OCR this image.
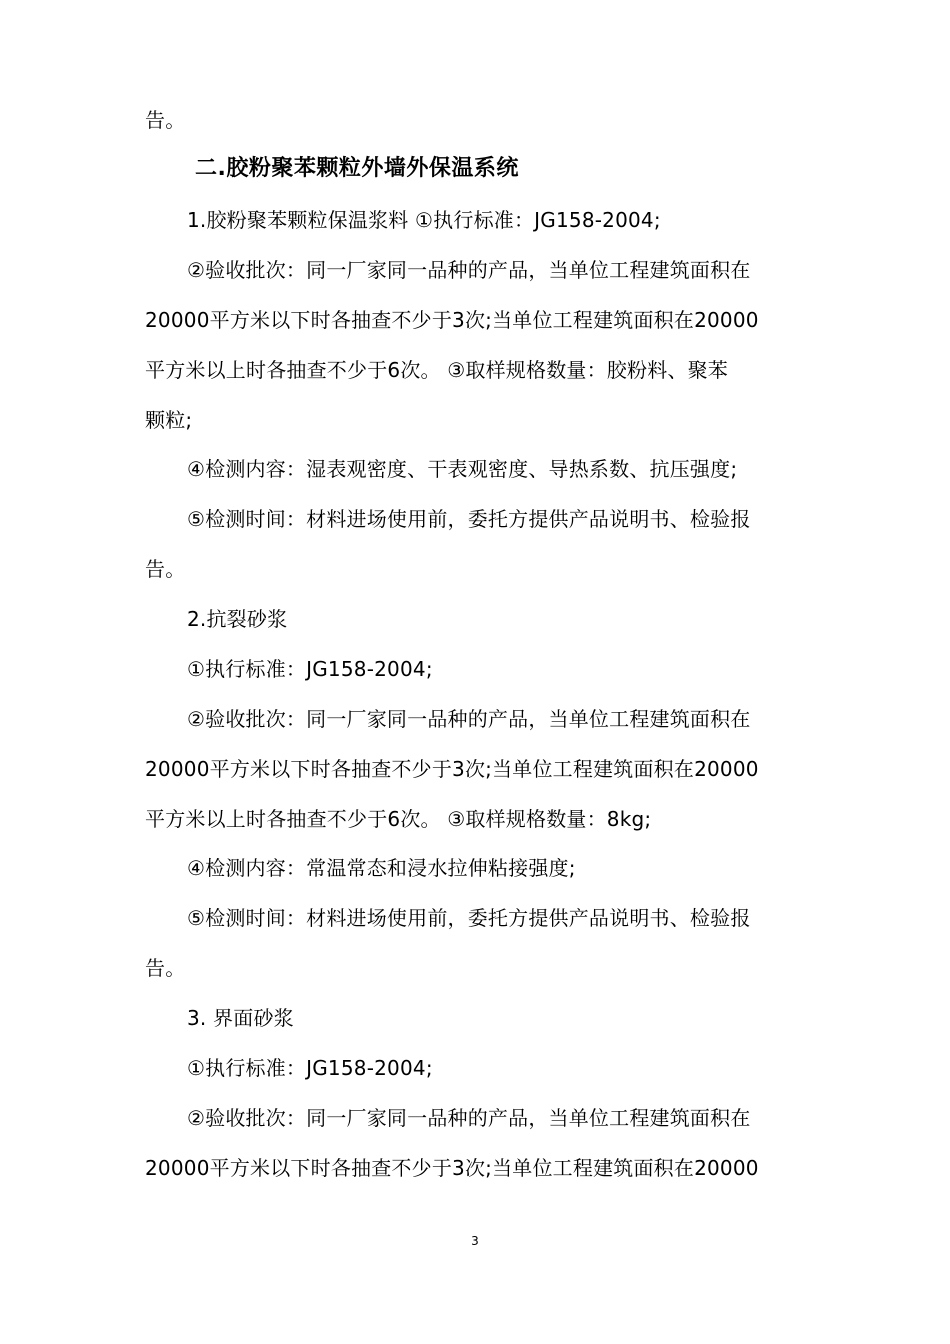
告。
二.胶粉聚苯颗粒外墙外保温系统
1.胶粉聚苯颗粒保温浆料 ①执行标准：JG158-2004;
②验收批次：同一厂家同一品种的产品，当单位工程建筑面积在
20000平方米以下时各抽查不少于3次;当单位工程建筑面积在20000
平方米以上时各抽查不少于6次。 ③取样规格数量：胶粉料、聚苯
颗粒;
④检测内容：湿表观密度、干表观密度、导热系数、抗压强度;
⑤检测时间：材料进场使用前，委托方提供产品说明书、检验报
告。
2.抗裂砂浆
①执行标准：JG158-2004;
②验收批次：同一厂家同一品种的产品，当单位工程建筑面积在
20000平方米以下时各抽查不少于3次;当单位工程建筑面积在20000
平方米以上时各抽查不少于6次。 ③取样规格数量：8kg;
④检测内容：常温常态和浸水拉伸粘接强度;
⑤检测时间：材料进场使用前，委托方提供产品说明书、检验报
告。
3. 界面砂浆
①执行标准：JG158-2004;
②验收批次：同一厂家同一品种的产品，当单位工程建筑面积在
20000平方米以下时各抽查不少于3次;当单位工程建筑面积在20000
3
